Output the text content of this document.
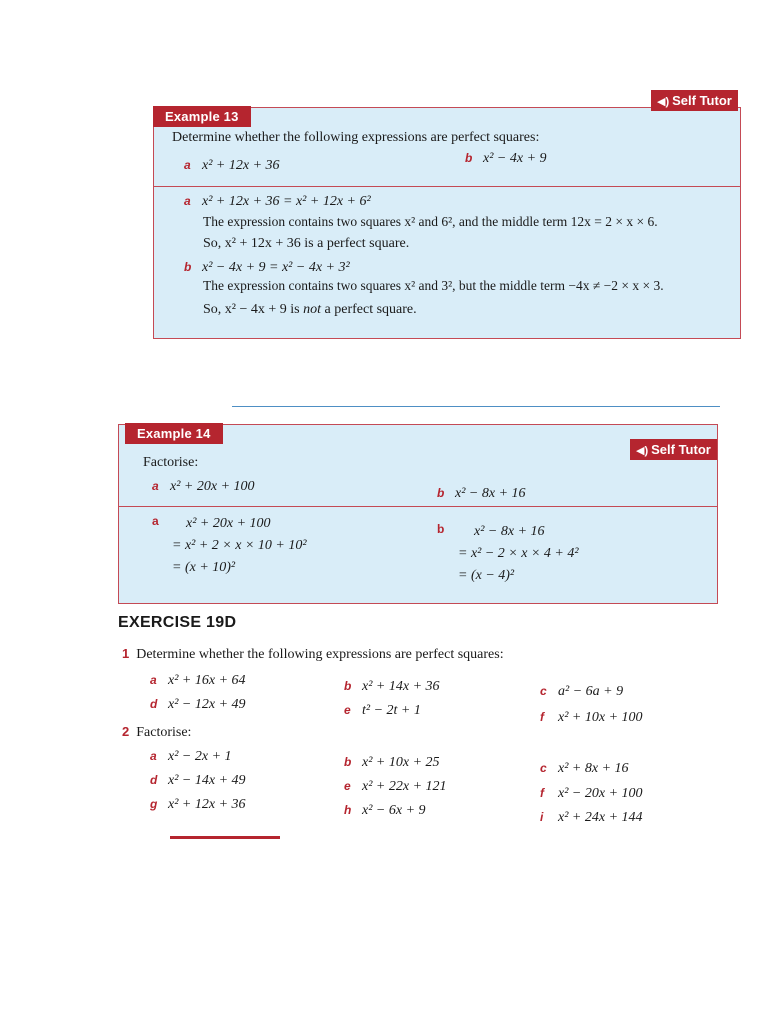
Example 13
◀) Self Tutor
Determine whether the following expressions are perfect squares:
a x² + 12x + 36	b x² − 4x + 9
a x² + 12x + 36 = x² + 12x + 6²
The expression contains two squares x² and 6², and the middle term 12x = 2 × x × 6.
So, x² + 12x + 36 is a perfect square.
b x² − 4x + 9 = x² − 4x + 3²
The expression contains two squares x² and 3², but the middle term −4x ≠ −2 × x × 3.
So, x² − 4x + 9 is not a perfect square.
Example 14
◀) Self Tutor
Factorise:
a x² + 20x + 100	b x² − 8x + 16
a	x² + 20x + 100
= x² + 2 × x × 10 + 10²
= (x + 10)²
b	x² − 8x + 16
= x² − 2 × x × 4 + 4²
= (x − 4)²
EXERCISE 19D
1 Determine whether the following expressions are perfect squares:
a x² + 16x + 64	b x² + 14x + 36	c a² − 6a + 9
d x² − 12x + 49	e t² − 2t + 1	f x² + 10x + 100
2 Factorise:
a x² − 2x + 1	b x² + 10x + 25	c x² + 8x + 16
d x² − 14x + 49	e x² + 22x + 121	f x² − 20x + 100
g x² + 12x + 36	h x² − 6x + 9	i x² + 24x + 144
